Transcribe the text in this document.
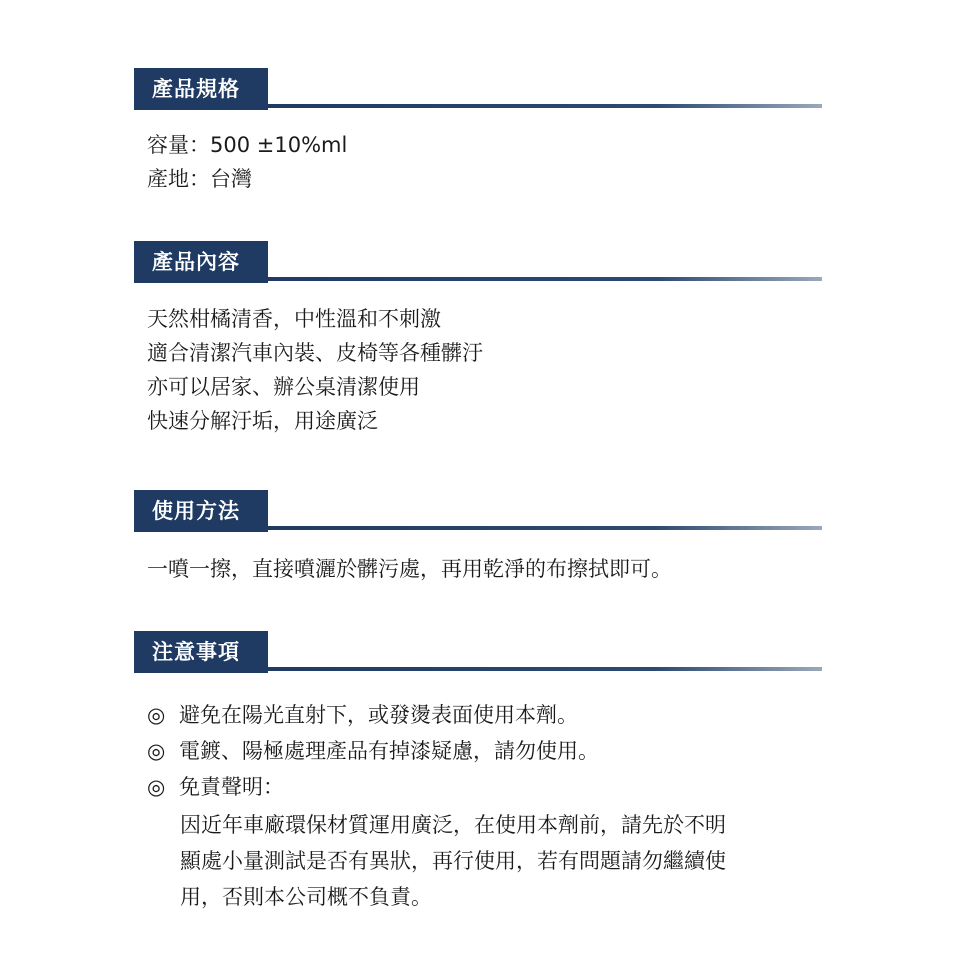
產品規格
容量：500 ±10%ml
產地：台灣
產品內容
天然柑橘清香，中性溫和不刺激
適合清潔汽車內裝、皮椅等各種髒汙
亦可以居家、辦公桌清潔使用
快速分解汙垢，用途廣泛
使用方法
一噴一擦，直接噴灑於髒污處，再用乾淨的布擦拭即可。
注意事項
◎ 避免在陽光直射下，或發燙表面使用本劑。
◎ 電鍍、陽極處理產品有掉漆疑慮，請勿使用。
◎ 免責聲明：
因近年車廠環保材質運用廣泛，在使用本劑前，請先於不明
顯處小量測試是否有異狀，再行使用，若有問題請勿繼續使
用，否則本公司概不負責。
